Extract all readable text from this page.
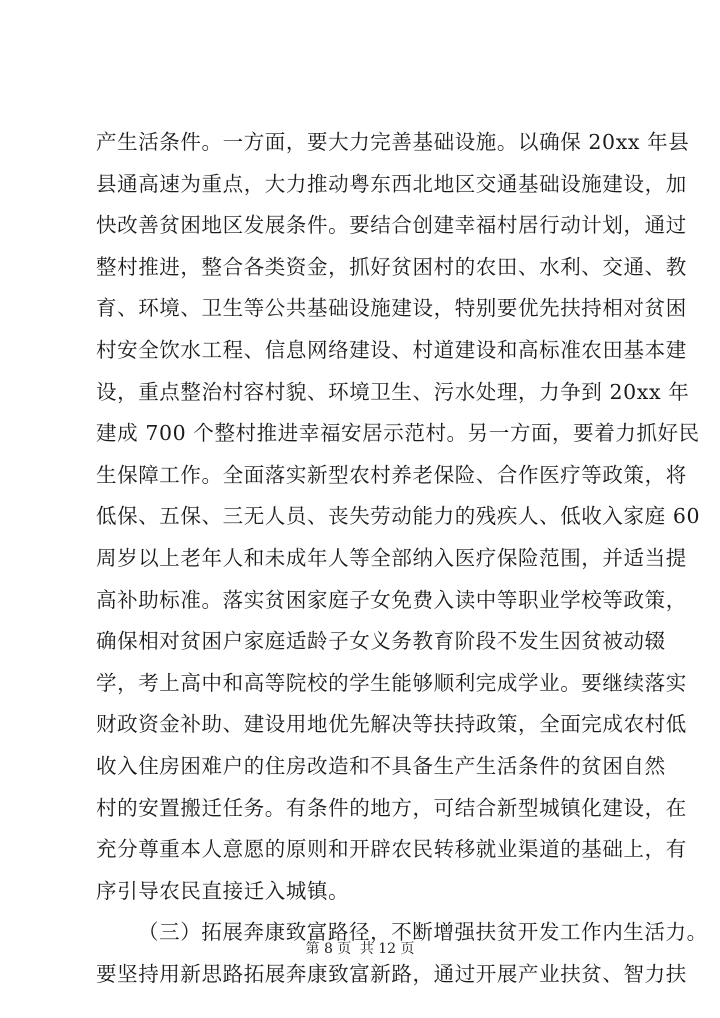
产生活条件。一方面，要大力完善基础设施。以确保 20xx 年县
县通高速为重点，大力推动粤东西北地区交通基础设施建设，加
快改善贫困地区发展条件。要结合创建幸福村居行动计划，通过
整村推进，整合各类资金，抓好贫困村的农田、水利、交通、教
育、环境、卫生等公共基础设施建设，特别要优先扶持相对贫困
村安全饮水工程、信息网络建设、村道建设和高标准农田基本建
设，重点整治村容村貌、环境卫生、污水处理，力争到 20xx 年
建成 700 个整村推进幸福安居示范村。另一方面，要着力抓好民
生保障工作。全面落实新型农村养老保险、合作医疗等政策，将
低保、五保、三无人员、丧失劳动能力的残疾人、低收入家庭 60
周岁以上老年人和未成年人等全部纳入医疗保险范围，并适当提
高补助标准。落实贫困家庭子女免费入读中等职业学校等政策，
确保相对贫困户家庭适龄子女义务教育阶段不发生因贫被动辍
学，考上高中和高等院校的学生能够顺利完成学业。要继续落实
财政资金补助、建设用地优先解决等扶持政策，全面完成农村低
收入住房困难户的住房改造和不具备生产生活条件的贫困自然
村的安置搬迁任务。有条件的地方，可结合新型城镇化建设，在
充分尊重本人意愿的原则和开辟农民转移就业渠道的基础上，有
序引导农民直接迁入城镇。
（三）拓展奔康致富路径，不断增强扶贫开发工作内生活力。
要坚持用新思路拓展奔康致富新路，通过开展产业扶贫、智力扶
第 8 页 共 12 页
